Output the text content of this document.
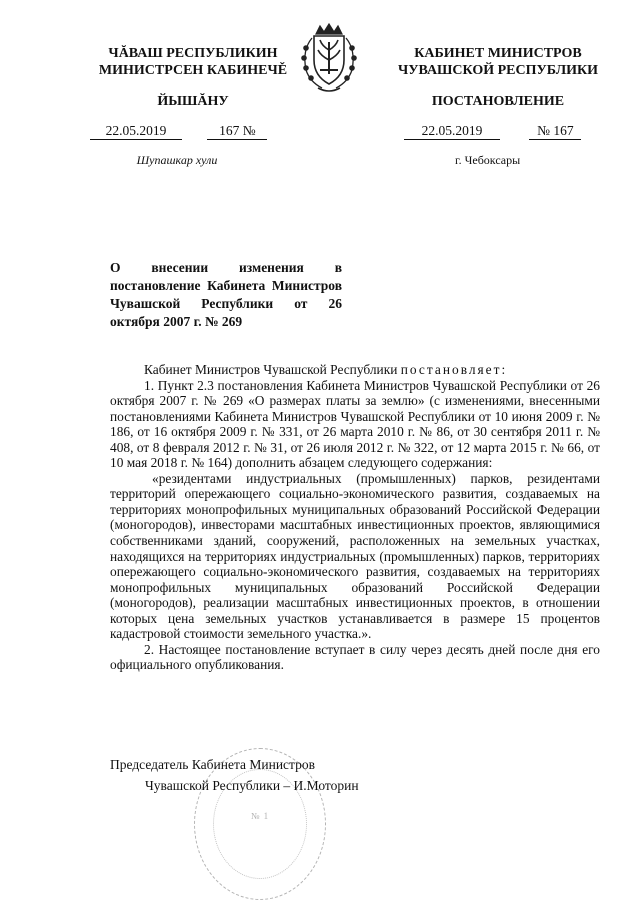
ЧĂВАШ РЕСПУБЛИКИН
МИНИСТРСЕН КАБИНЕЧĚ
ЙЫШĂНУ
22.05.2019	167 №
Шупашкар хули
КАБИНЕТ МИНИСТРОВ
ЧУВАШСКОЙ РЕСПУБЛИКИ
ПОСТАНОВЛЕНИЕ
22.05.2019	№ 167
г. Чебоксары
О внесении изменения в постановление Кабинета Министров Чувашской Республики от 26 октября 2007 г. № 269

Кабинет Министров Чувашской Республики постановляет:

1. Пункт 2.3 постановления Кабинета Министров Чувашской Республики от 26 октября 2007 г. № 269 «О размерах платы за землю» (с изменениями, внесенными постановлениями Кабинета Министров Чувашской Республики от 10 июня 2009 г. № 186, от 16 октября 2009 г. № 331, от 26 марта 2010 г. № 86, от 30 сентября 2011 г. № 408, от 8 февраля 2012 г. № 31, от 26 июля 2012 г. № 322, от 12 марта 2015 г. № 66, от 10 мая 2018 г. № 164) дополнить абзацем следующего содержания:

«резидентами индустриальных (промышленных) парков, резидентами территорий опережающего социально-экономического развития, создаваемых на территориях монопрофильных муниципальных образований Российской Федерации (моногородов), инвесторами масштабных инвестиционных проектов, являющимися собственниками зданий, сооружений, расположенных на земельных участках, находящихся на территориях индустриальных (промышленных) парков, территориях опережающего социально-экономического развития, создаваемых на территориях монопрофильных муниципальных образований Российской Федерации (моногородов), реализации масштабных инвестиционных проектов, в отношении которых цена земельных участков устанавливается в размере 15 процентов кадастровой стоимости земельного участка.».

2. Настоящее постановление вступает в силу через десять дней после дня его официального опубликования.

№ 1
Председатель Кабинета Министров
Чувашской Республики – И.Моторин
